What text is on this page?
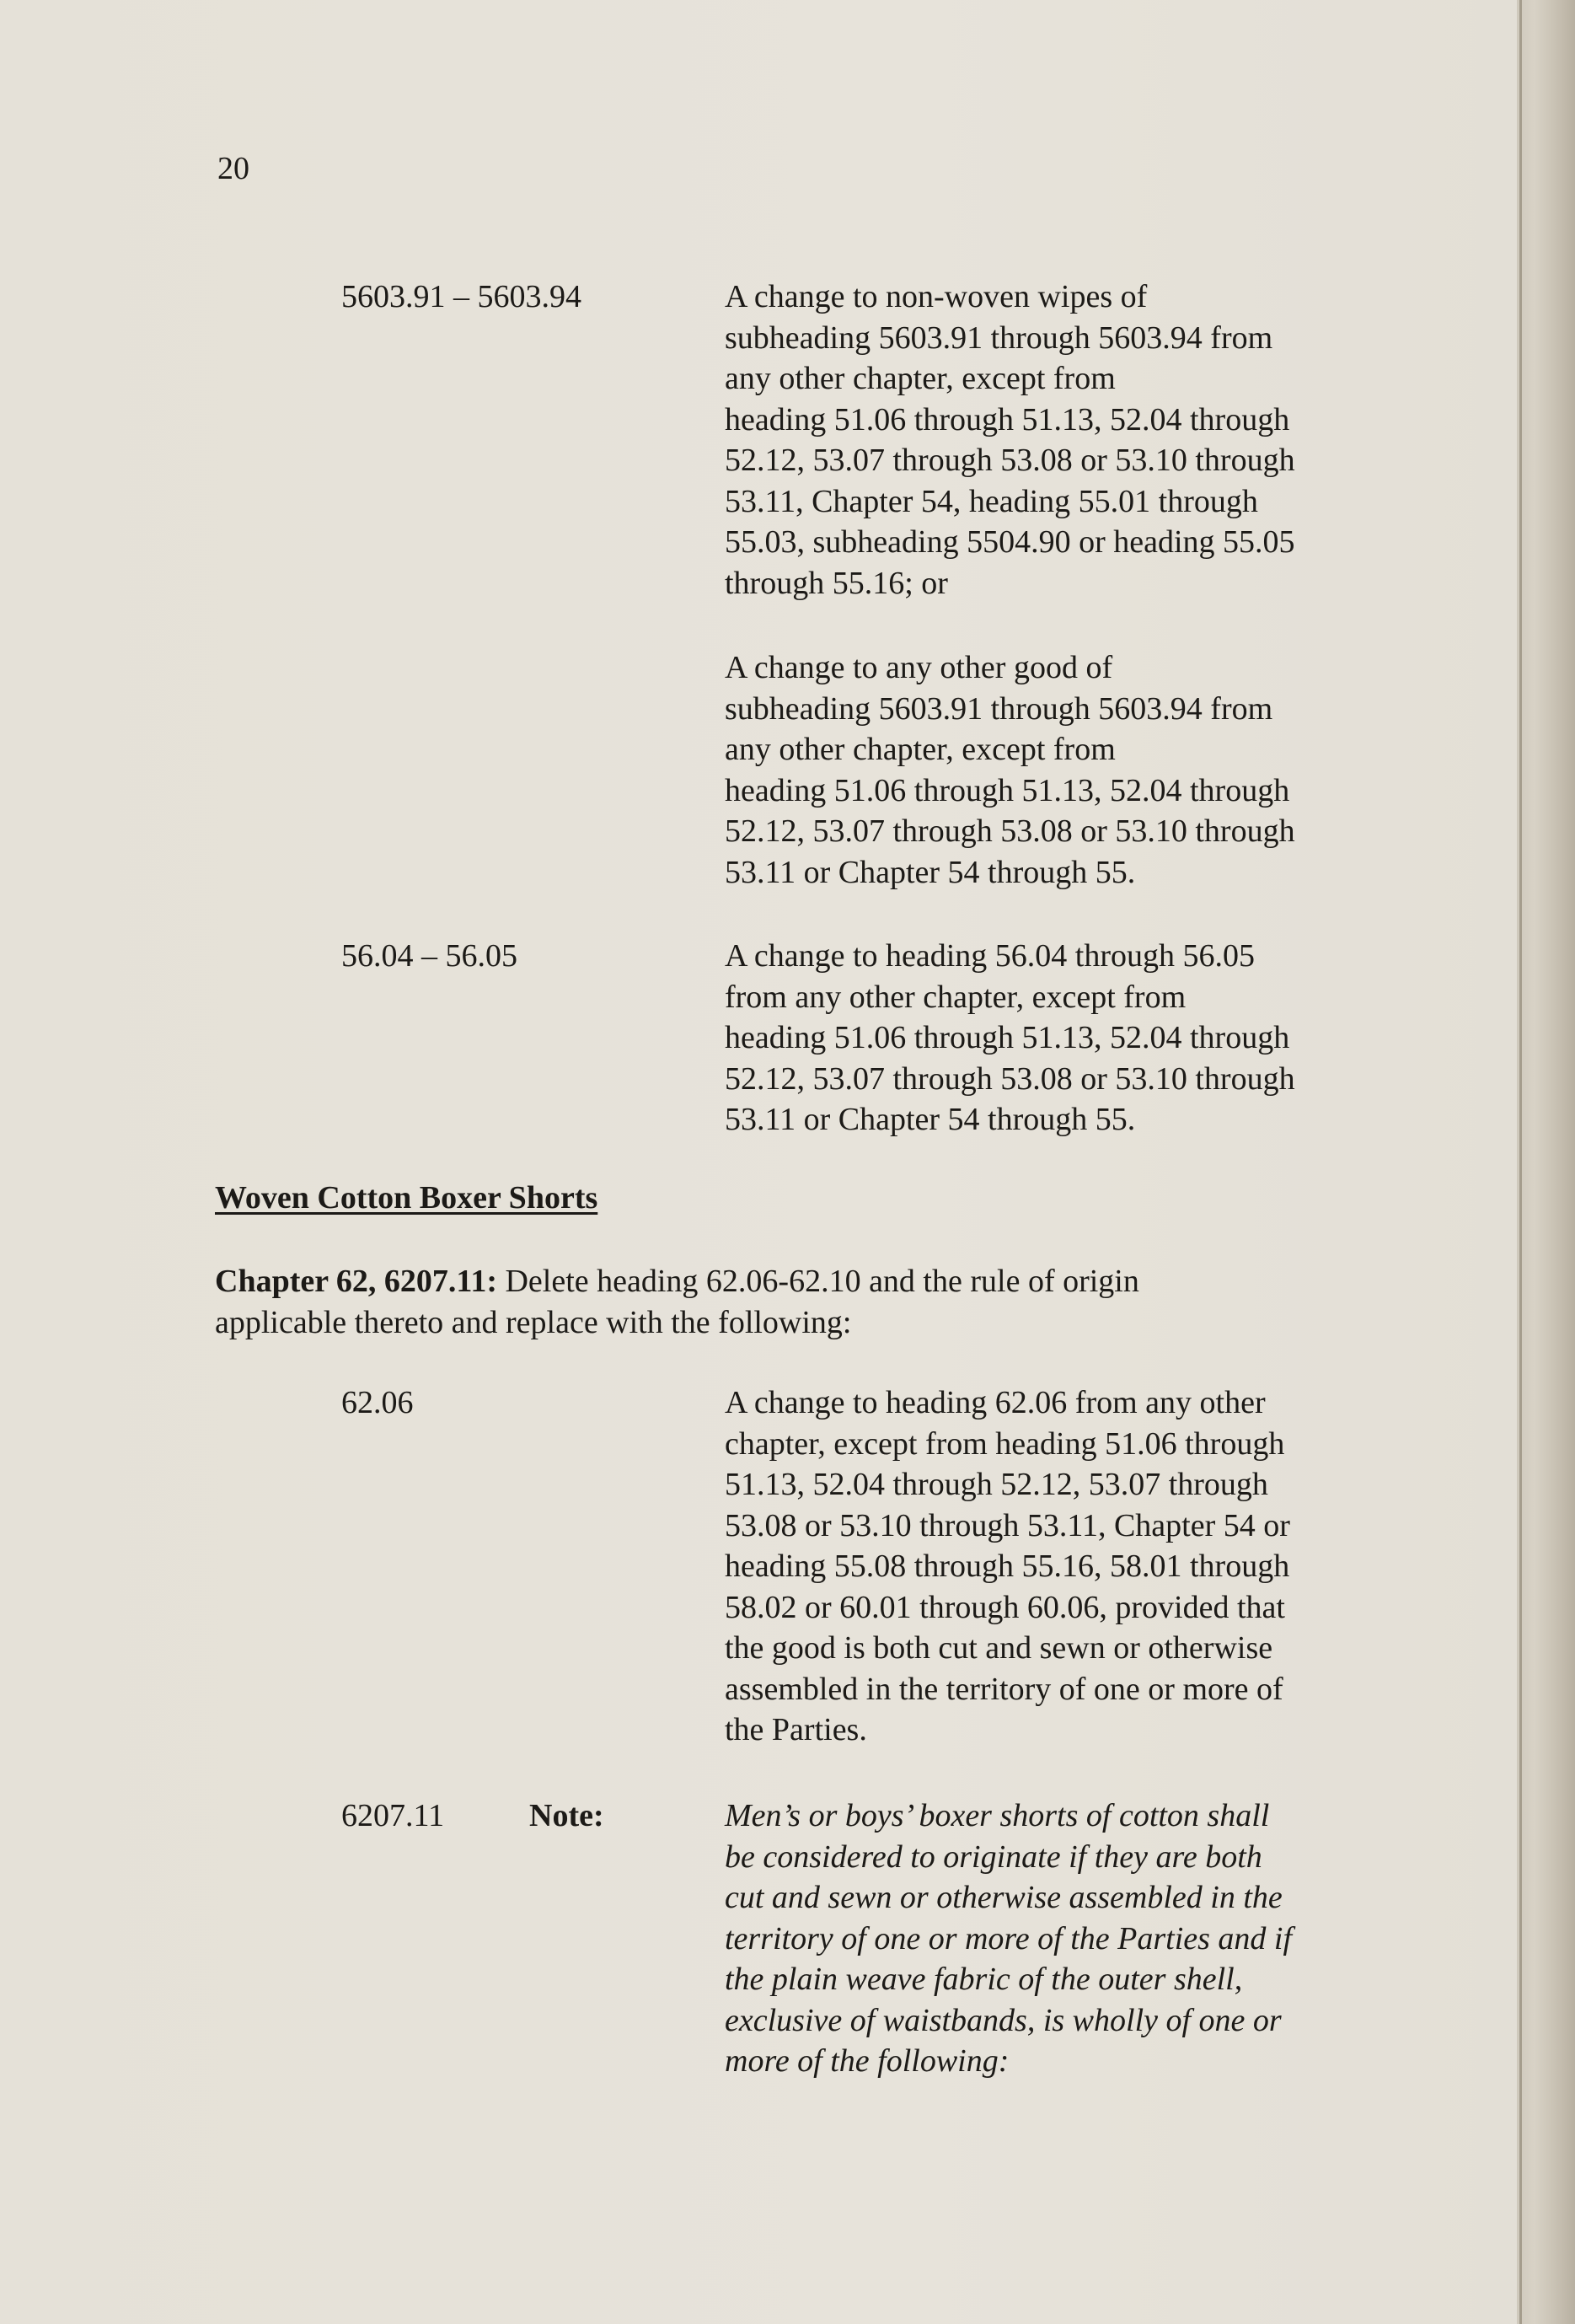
20
5603.91 – 5603.94	A change to non-woven wipes of
subheading 5603.91 through 5603.94 from
any other chapter, except from
heading 51.06 through 51.13, 52.04 through
52.12, 53.07 through 53.08 or 53.10 through
53.11, Chapter 54, heading 55.01 through
55.03, subheading 5504.90 or heading 55.05
through 55.16; or
A change to any other good of
subheading 5603.91 through 5603.94 from
any other chapter, except from
heading 51.06 through 51.13, 52.04 through
52.12, 53.07 through 53.08 or 53.10 through
53.11 or Chapter 54 through 55.
56.04 – 56.05	A change to heading 56.04 through 56.05
from any other chapter, except from
heading 51.06 through 51.13, 52.04 through
52.12, 53.07 through 53.08 or 53.10 through
53.11 or Chapter 54 through 55.
Woven Cotton Boxer Shorts
Chapter 62, 6207.11: Delete heading 62.06-62.10 and the rule of origin
applicable thereto and replace with the following:
62.06	A change to heading 62.06 from any other
chapter, except from heading 51.06 through
51.13, 52.04 through 52.12, 53.07 through
53.08 or 53.10 through 53.11, Chapter 54 or
heading 55.08 through 55.16, 58.01 through
58.02 or 60.01 through 60.06, provided that
the good is both cut and sewn or otherwise
assembled in the territory of one or more of
the Parties.
6207.11	Note:	Men’s or boys’ boxer shorts of cotton shall
be considered to originate if they are both
cut and sewn or otherwise assembled in the
territory of one or more of the Parties and if
the plain weave fabric of the outer shell,
exclusive of waistbands, is wholly of one or
more of the following:
